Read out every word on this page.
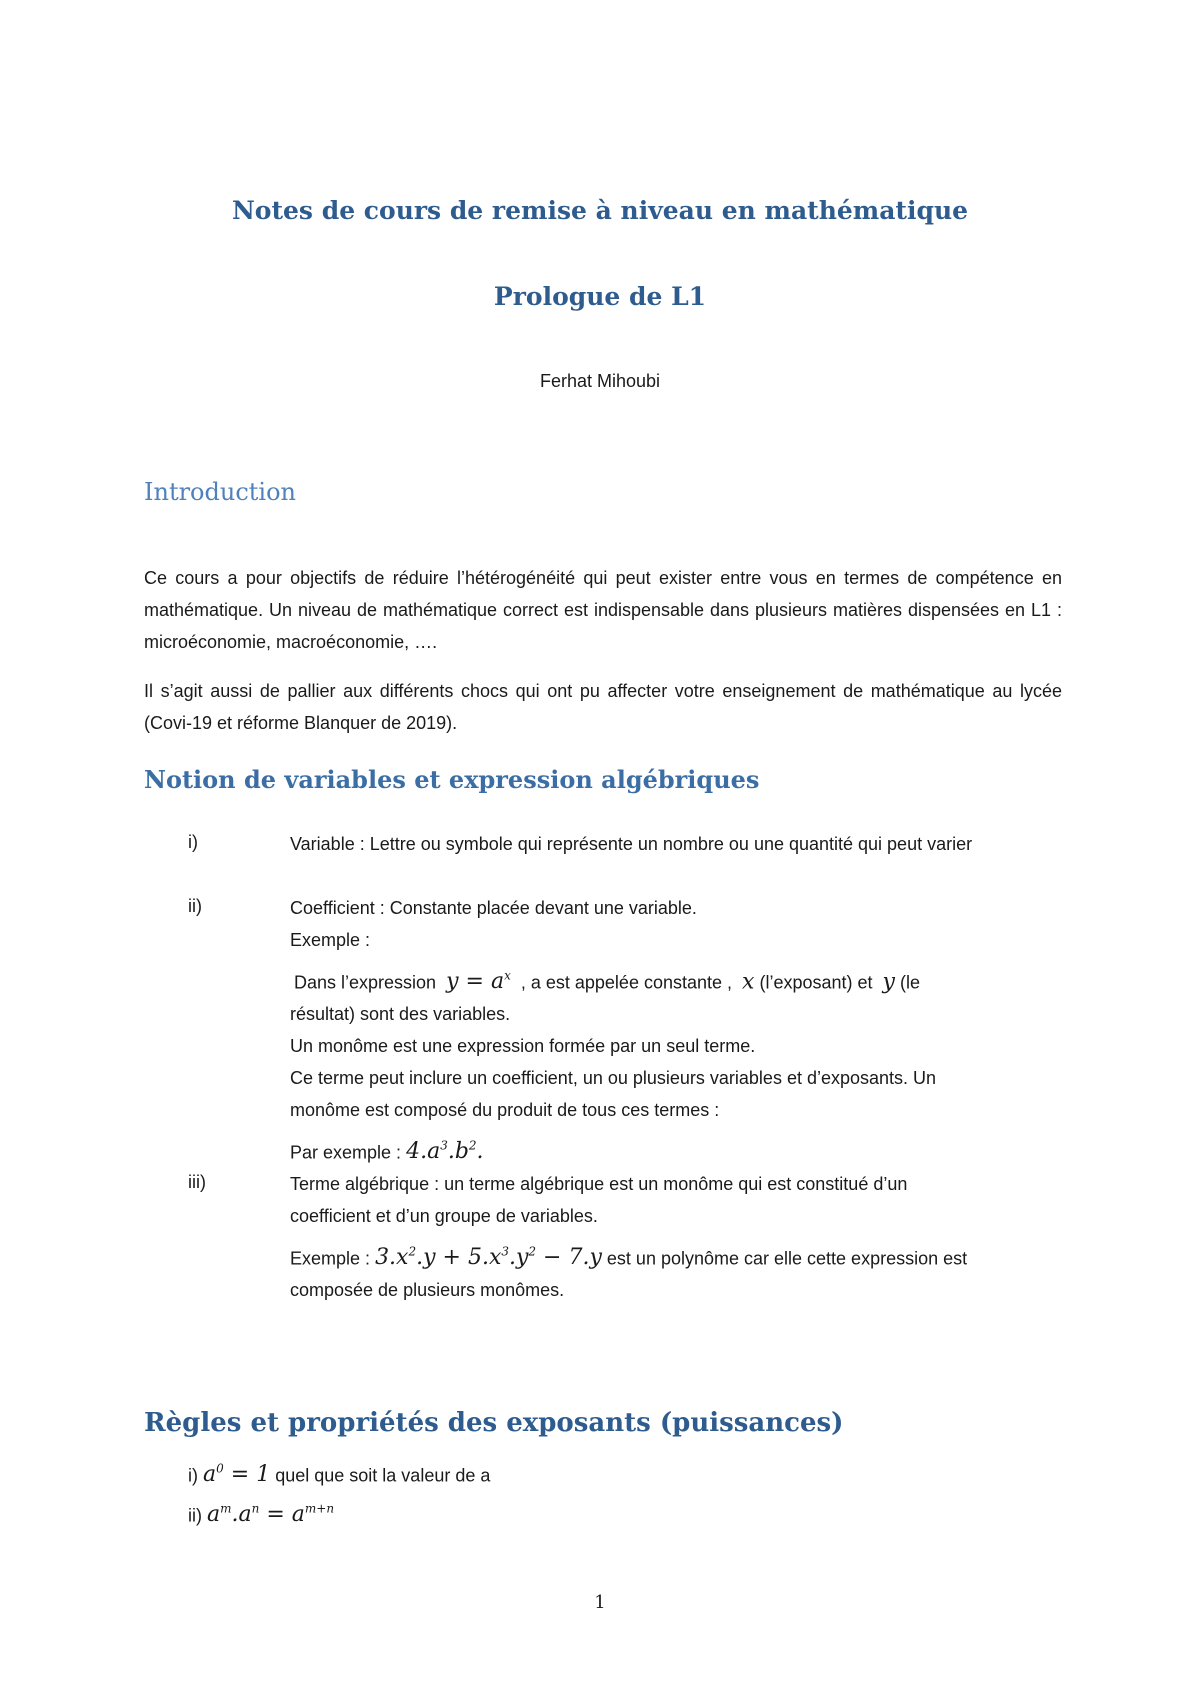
Notes de cours de remise à niveau en mathématique
Prologue de L1
Ferhat Mihoubi
Introduction
Ce cours a pour objectifs de réduire l’hétérogénéité qui peut exister entre vous en termes de compétence en mathématique. Un niveau de mathématique correct est indispensable dans plusieurs matières dispensées en L1 : microéconomie, macroéconomie, ….
Il s’agit aussi de pallier aux différents chocs qui ont pu affecter votre enseignement de mathématique au lycée (Covi-19 et réforme Blanquer de 2019).
Notion de variables et expression algébriques
i)	Variable : Lettre ou symbole qui représente un nombre ou une quantité qui peut varier
ii)	Coefficient : Constante placée devant une variable.
Exemple :
Dans l’expression $y = a^x$ , a est appelée constante , x (l’exposant) et y (le
résultat) sont des variables.
Un monôme est une expression formée par un seul terme.
Ce terme peut inclure un coefficient, un ou plusieurs variables et d’exposants. Un
monôme est composé du produit de tous ces termes :
Par exemple : $4.a^3.b^2$.
iii)	Terme algébrique : un terme algébrique est un monôme qui est constitué d’un
coefficient et d’un groupe de variables.
Exemple : $3.x^2.y + 5.x^3.y^2 - 7.y$ est un polynôme car elle cette expression est
composée de plusieurs monômes.
Règles et propriétés des exposants (puissances)
i) $a^0 = 1$ quel que soit la valeur de a
ii) $a^m.a^n = a^{m+n}$
1
